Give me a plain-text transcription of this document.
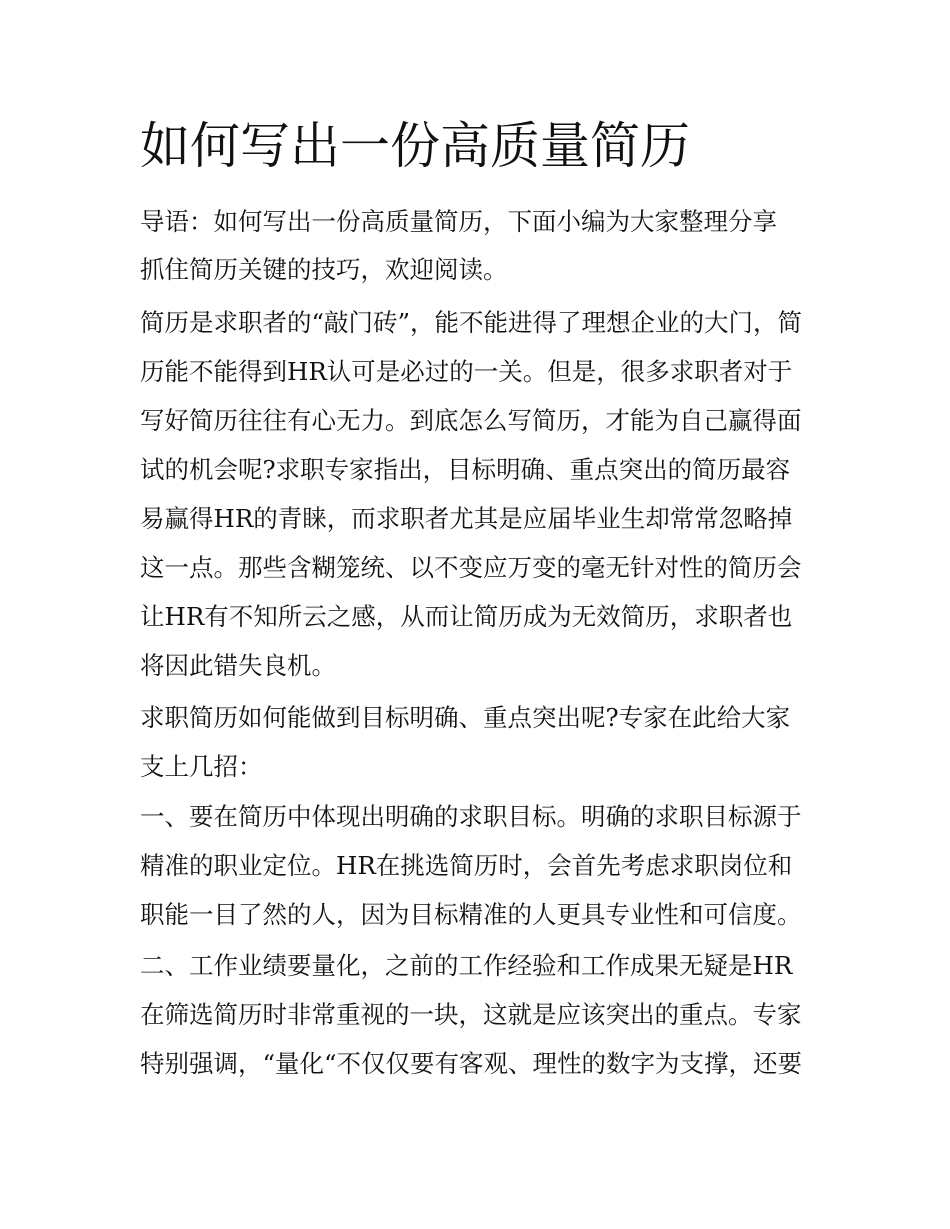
如何写出一份高质量简历

导语：如何写出一份高质量简历，下面小编为大家整理分享

抓住简历关键的技巧，欢迎阅读。

简历是求职者的“敲门砖”，能不能进得了理想企业的大门，简

历能不能得到HR认可是必过的一关。但是，很多求职者对于

写好简历往往有心无力。到底怎么写简历，才能为自己赢得面

试的机会呢?求职专家指出，目标明确、重点突出的简历最容

易赢得HR的青睐，而求职者尤其是应届毕业生却常常忽略掉

这一点。那些含糊笼统、以不变应万变的毫无针对性的简历会

让HR有不知所云之感，从而让简历成为无效简历，求职者也

将因此错失良机。

求职简历如何能做到目标明确、重点突出呢?专家在此给大家

支上几招：

一、要在简历中体现出明确的求职目标。明确的求职目标源于

精准的职业定位。HR在挑选简历时，会首先考虑求职岗位和

职能一目了然的人，因为目标精准的人更具专业性和可信度。

二、工作业绩要量化，之前的工作经验和工作成果无疑是HR

在筛选简历时非常重视的一块，这就是应该突出的重点。专家

特别强调，“量化“不仅仅要有客观、理性的数字为支撑，还要
